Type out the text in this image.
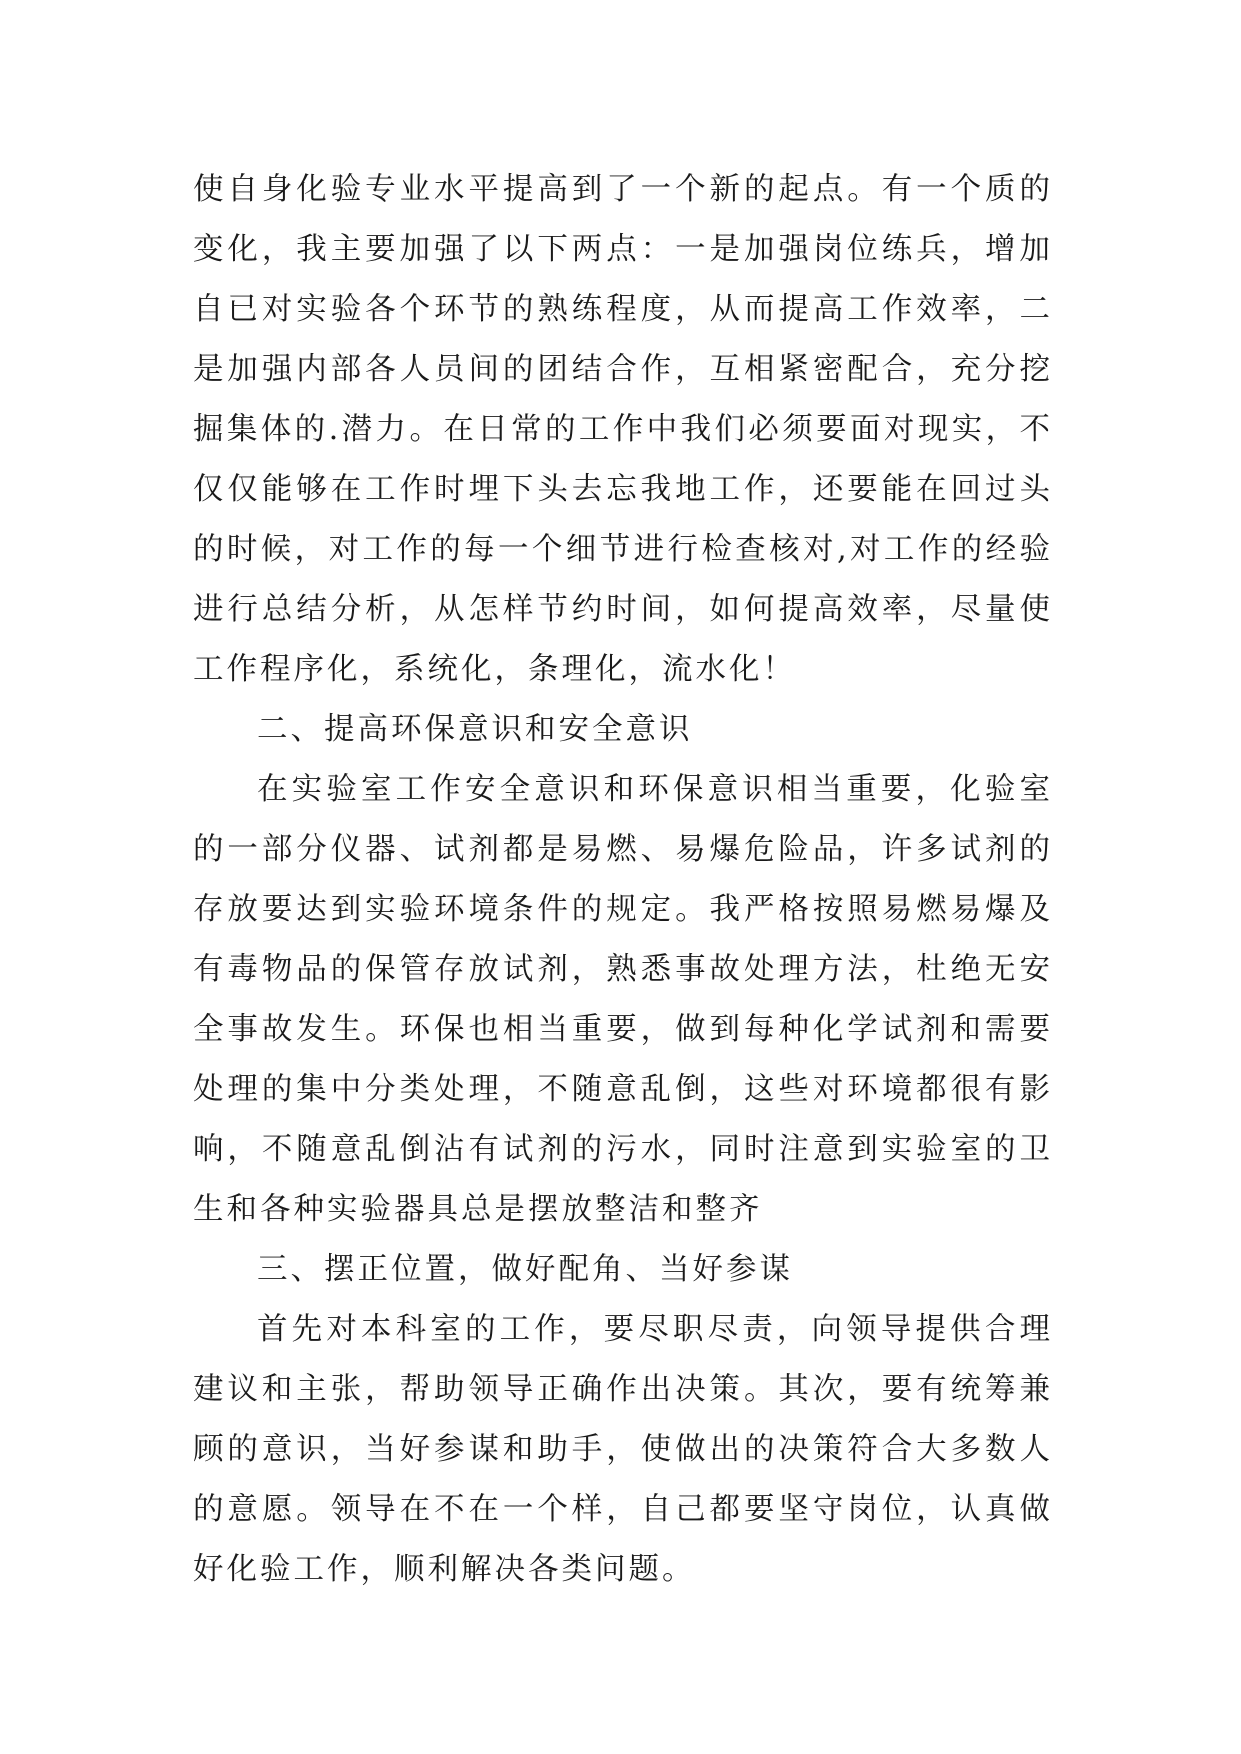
使自身化验专业水平提高到了一个新的起点。有一个质的变化，我主要加强了以下两点：一是加强岗位练兵，增加自已对实验各个环节的熟练程度，从而提高工作效率，二是加强内部各人员间的团结合作，互相紧密配合，充分挖掘集体的.潜力。在日常的工作中我们必须要面对现实，不仅仅能够在工作时埋下头去忘我地工作，还要能在回过头的时候，对工作的每一个细节进行检查核对,对工作的经验进行总结分析，从怎样节约时间，如何提高效率，尽量使工作程序化，系统化，条理化，流水化！

二、提高环保意识和安全意识

在实验室工作安全意识和环保意识相当重要，化验室的一部分仪器、试剂都是易燃、易爆危险品，许多试剂的存放要达到实验环境条件的规定。我严格按照易燃易爆及有毒物品的保管存放试剂，熟悉事故处理方法，杜绝无安全事故发生。环保也相当重要，做到每种化学试剂和需要处理的集中分类处理，不随意乱倒，这些对环境都很有影响，不随意乱倒沾有试剂的污水，同时注意到实验室的卫生和各种实验器具总是摆放整洁和整齐

三、摆正位置，做好配角、当好参谋

首先对本科室的工作，要尽职尽责，向领导提供合理建议和主张，帮助领导正确作出决策。其次，要有统筹兼顾的意识，当好参谋和助手，使做出的决策符合大多数人的意愿。领导在不在一个样，自己都要坚守岗位，认真做好化验工作，顺利解决各类问题。
